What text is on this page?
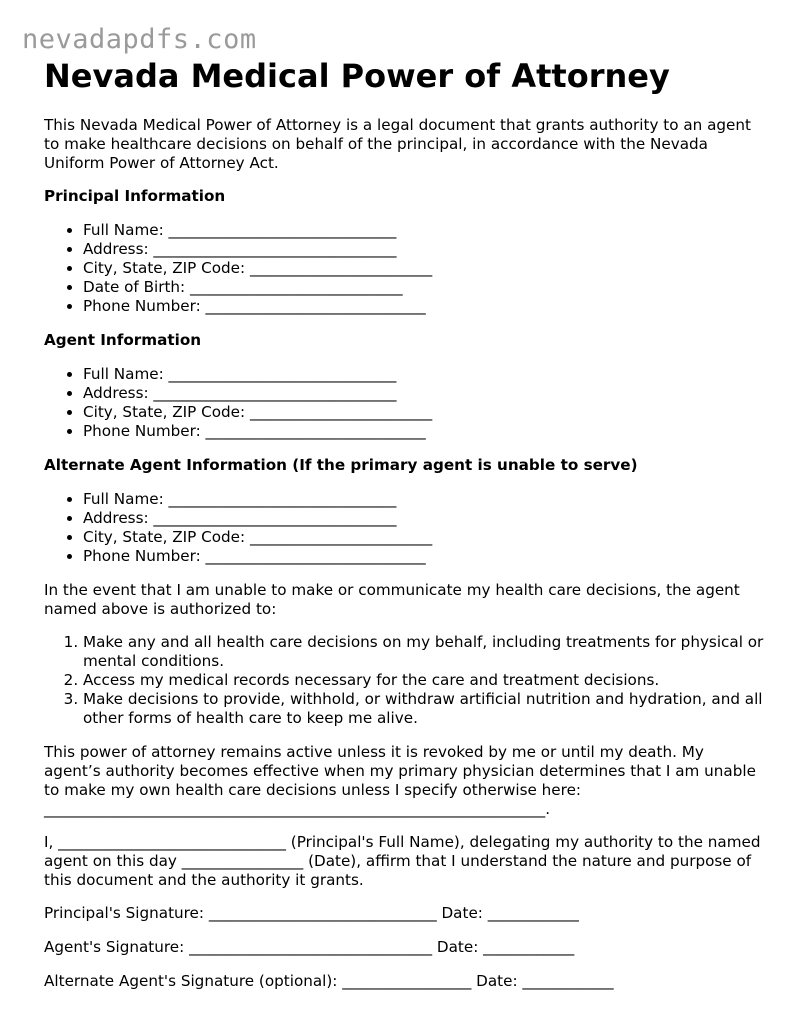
nevadapdfs.com
Nevada Medical Power of Attorney

This Nevada Medical Power of Attorney is a legal document that grants authority to an agent to make healthcare decisions on behalf of the principal, in accordance with the Nevada Uniform Power of Attorney Act.

Principal Information
• Full Name: ______________________________
• Address: ________________________________
• City, State, ZIP Code: ________________________
• Date of Birth: ____________________________
• Phone Number: _____________________________
Agent Information
• Full Name: ______________________________
• Address: ________________________________
• City, State, ZIP Code: ________________________
• Phone Number: _____________________________
Alternate Agent Information (If the primary agent is unable to serve)
• Full Name: ______________________________
• Address: ________________________________
• City, State, ZIP Code: ________________________
• Phone Number: _____________________________

In the event that I am unable to make or communicate my health care decisions, the agent named above is authorized to:

1. Make any and all health care decisions on my behalf, including treatments for physical or mental conditions.
2. Access my medical records necessary for the care and treatment decisions.
3. Make decisions to provide, withhold, or withdraw artificial nutrition and hydration, and all other forms of health care to keep me alive.

This power of attorney remains active unless it is revoked by me or until my death. My agent’s authority becomes effective when my primary physician determines that I am unable to make my own health care decisions unless I specify otherwise here: __________________________________________________________________.

I, ______________________________ (Principal's Full Name), delegating my authority to the named agent on this day ________________ (Date), affirm that I understand the nature and purpose of this document and the authority it grants.

Principal's Signature: ______________________________ Date: ____________

Agent's Signature: ________________________________ Date: ____________

Alternate Agent's Signature (optional): _________________ Date: ____________
